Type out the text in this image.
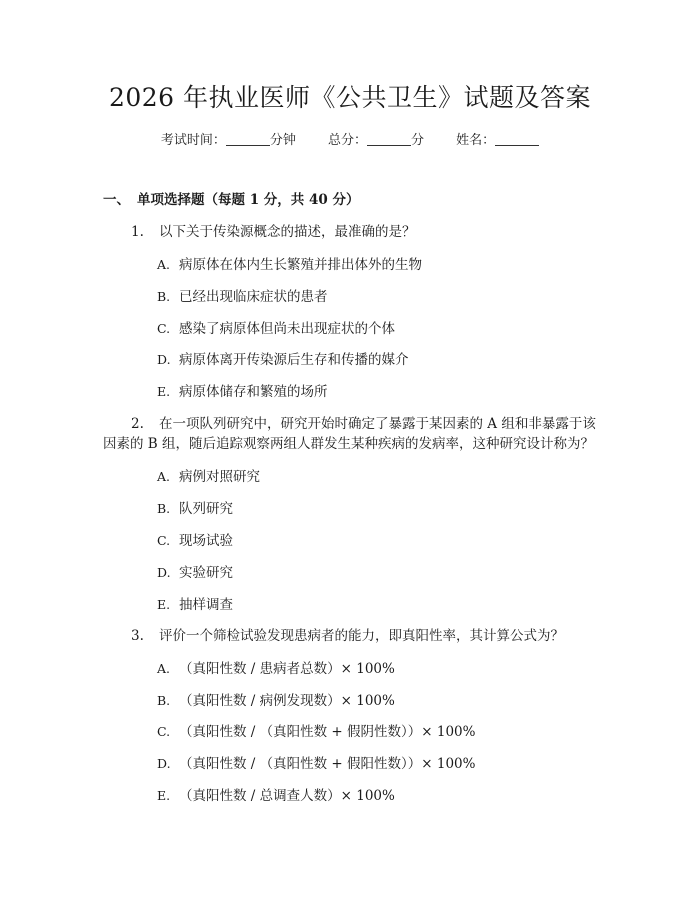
2026 年执业医师《公共卫生》试题及答案
考试时间：	分钟 总分：	分 姓名：
一、 单项选择题（每题 1 分，共 40 分）
1. 以下关于传染源概念的描述，最准确的是？
A. 病原体在体内生长繁殖并排出体外的生物
B. 已经出现临床症状的患者
C. 感染了病原体但尚未出现症状的个体
D. 病原体离开传染源后生存和传播的媒介
E. 病原体储存和繁殖的场所
2. 在一项队列研究中，研究开始时确定了暴露于某因素的 A 组和非暴露于该因素的 B 组，随后追踪观察两组人群发生某种疾病的发病率，这种研究设计称为？
A. 病例对照研究
B. 队列研究
C. 现场试验
D. 实验研究
E. 抽样调查
3. 评价一个筛检试验发现患病者的能力，即真阳性率，其计算公式为？
A. （真阳性数 / 患病者总数）× 100%
B. （真阳性数 / 病例发现数）× 100%
C. （真阳性数 / （真阳性数 + 假阴性数））× 100%
D. （真阳性数 / （真阳性数 + 假阳性数））× 100%
E. （真阳性数 / 总调查人数）× 100%
